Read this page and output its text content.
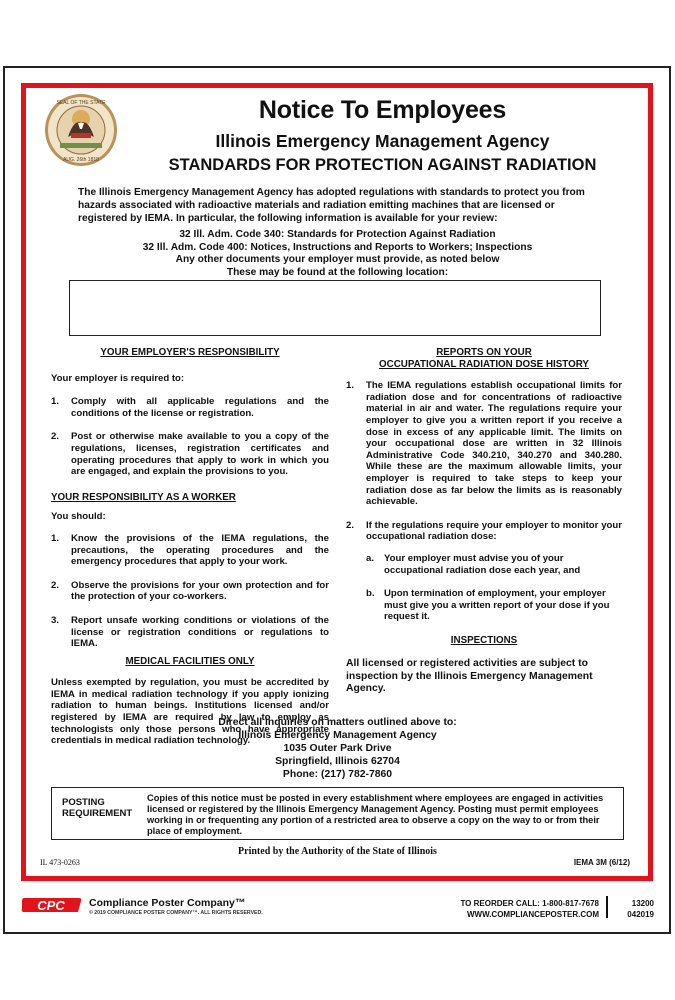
SEAL OF THE STATE
AUG. 26th 1818
Notice To Employees
Illinois Emergency Management Agency
STANDARDS FOR PROTECTION AGAINST RADIATION
The Illinois Emergency Management Agency has adopted regulations with standards to protect you from hazards associated with radioactive materials and radiation emitting machines that are licensed or registered by IEMA. In particular, the following information is available for your review:
32 Ill. Adm. Code 340: Standards for Protection Against Radiation
32 Ill. Adm. Code 400: Notices, Instructions and Reports to Workers; Inspections
Any other documents your employer must provide, as noted below
These may be found at the following location:
YOUR EMPLOYER'S RESPONSIBILITY

Your employer is required to:

1.	Comply with all applicable regulations and the conditions of the license or registration.
2.	Post or otherwise make available to you a copy of the regulations, licenses, registration certificates and operating procedures that apply to work in which you are engaged, and explain the provisions to you.
YOUR RESPONSIBILITY AS A WORKER

You should:

1.	Know the provisions of the IEMA regulations, the precautions, the operating procedures and the emergency procedures that apply to your work.
2.	Observe the provisions for your own protection and for the protection of your co-workers.
3.	Report unsafe working conditions or violations of the license or registration conditions or regulations to IEMA.
MEDICAL FACILITIES ONLY

Unless exempted by regulation, you must be accredited by IEMA in medical radiation technology if you apply ionizing radiation to human beings. Institutions licensed and/or registered by IEMA are required by law to employ as technologists only those persons who have appropriate credentials in medical radiation technology.

REPORTS ON YOUR
OCCUPATIONAL RADIATION DOSE HISTORY
1.	The IEMA regulations establish occupational limits for radiation dose and for concentrations of radioactive material in air and water. The regulations require your employer to give you a written report if you receive a dose in excess of any applicable limit. The limits on your occupational dose are written in 32 Illinois Administrative Code 340.210, 340.270 and 340.280. While these are the maximum allowable limits, your employer is required to take steps to keep your radiation dose as far below the limits as is reasonably achievable.
2.	If the regulations require your employer to monitor your occupational radiation dose:
a.	Your employer must advise you of your occupational radiation dose each year, and
b. Upon termination of employment, your employer must give you a written report of your dose if you request it.
INSPECTIONS

All licensed or registered activities are subject to inspection by the Illinois Emergency Management Agency.

Direct all inquiries on matters outlined above to:
Illinois Emergency Management Agency
1035 Outer Park Drive
Springfield, Illinois 62704
Phone: (217) 782-7860
POSTING
REQUIREMENT
Copies of this notice must be posted in every establishment where employees are engaged in activities licensed or registered by the Illinois Emergency Management Agency. Posting must permit employees working in or frequenting any portion of a restricted area to observe a copy on the way to or from their place of employment.
Printed by the Authority of the State of Illinois
IL 473-0263	IEMA 3M (6/12)
CPC Compliance Poster Company™
© 2019 COMPLIANCE POSTER COMPANY™. ALL RIGHTS RESERVED.
TO REORDER CALL: 1-800-817-7678
WWW.COMPLIANCEPOSTER.COM
13200
042019
